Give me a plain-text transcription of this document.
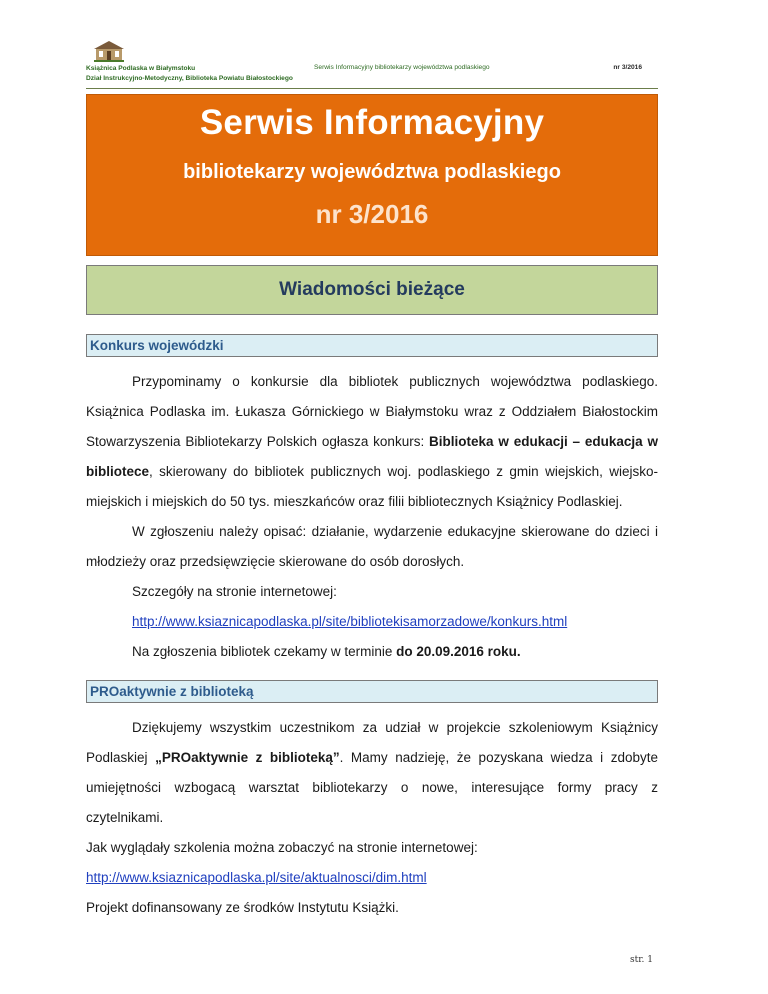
Książnica Podlaska w Białymstoku
Dział Instrukcyjno-Metodyczny, Biblioteka Powiatu Białostockiego
Serwis Informacyjny bibliotekarzy województwa podlaskiego	nr 3/2016
Serwis Informacyjny
bibliotekarzy województwa podlaskiego
nr 3/2016
Wiadomości bieżące
Konkurs wojewódzki
Przypominamy o konkursie dla bibliotek publicznych województwa podlaskiego.
Książnica Podlaska im. Łukasza Górnickiego w Białymstoku wraz z Oddziałem Białostockim
Stowarzyszenia Bibliotekarzy Polskich ogłasza konkurs: Biblioteka w edukacji – edukacja w
bibliotece, skierowany do bibliotek publicznych woj. podlaskiego z gmin wiejskich, wiejsko-
miejskich i miejskich do 50 tys. mieszkańców oraz filii bibliotecznych Książnicy Podlaskiej.
W zgłoszeniu należy opisać: działanie, wydarzenie edukacyjne skierowane do dzieci i
młodzieży oraz przedsięwzięcie skierowane do osób dorosłych.
Szczegóły na stronie internetowej:
http://www.ksiaznicapodlaska.pl/site/bibliotekisamorzadowe/konkurs.html
Na zgłoszenia bibliotek czekamy w terminie do 20.09.2016 roku.
PROaktywnie z biblioteką
Dziękujemy wszystkim uczestnikom za udział w projekcie szkoleniowym Książnicy
Podlaskiej „PROaktywnie z biblioteką”. Mamy nadzieję, że pozyskana wiedza i zdobyte
umiejętności wzbogacą warsztat bibliotekarzy o nowe, interesujące formy pracy z
czytelnikami.
Jak wyglądały szkolenia można zobaczyć na stronie internetowej:
http://www.ksiaznicapodlaska.pl/site/aktualnosci/dim.html
Projekt dofinansowany ze środków Instytutu Książki.
str. 1
